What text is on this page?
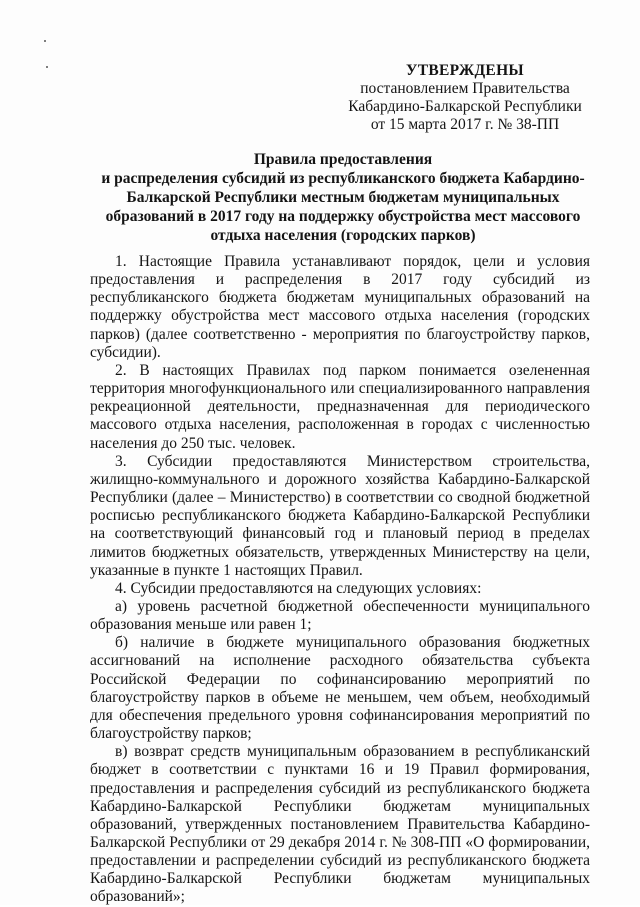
УТВЕРЖДЕНЫ
постановлением Правительства
Кабардино-Балкарской Республики
от 15 марта 2017 г. № 38-ПП
Правила предоставления
и распределения субсидий из республиканского бюджета Кабардино-
Балкарской Республики местным бюджетам муниципальных
образований в 2017 году на поддержку обустройства мест массового
отдыха населения (городских парков)

1. Настоящие Правила устанавливают порядок, цели и условия предоставления и распределения в 2017 году субсидий из республиканского бюджета бюджетам муниципальных образований на поддержку обустройства мест массового отдыха населения (городских парков) (далее соответственно - мероприятия по благоустройству парков, субсидии).

2. В настоящих Правилах под парком понимается озелененная территория многофункционального или специализированного направления рекреационной деятельности, предназначенная для периодического массового отдыха населения, расположенная в городах с численностью населения до 250 тыс. человек.

3. Субсидии предоставляются Министерством строительства, жилищно-коммунального и дорожного хозяйства Кабардино-Балкарской Республики (далее – Министерство) в соответствии со сводной бюджетной росписью республиканского бюджета Кабардино-Балкарской Республики на соответствующий финансовый год и плановый период в пределах лимитов бюджетных обязательств, утвержденных Министерству на цели, указанные в пункте 1 настоящих Правил.

4. Субсидии предоставляются на следующих условиях:

а) уровень расчетной бюджетной обеспеченности муниципального образования меньше или равен 1;

б) наличие в бюджете муниципального образования бюджетных ассигнований на исполнение расходного обязательства субъекта Российской Федерации по софинансированию мероприятий по благоустройству парков в объеме не меньшем, чем объем, необходимый для обеспечения предельного уровня софинансирования мероприятий по благоустройству парков;

в) возврат средств муниципальным образованием в республиканский бюджет в соответствии с пунктами 16 и 19 Правил формирования, предоставления и распределения субсидий из республиканского бюджета Кабардино-Балкарской Республики бюджетам муниципальных образований, утвержденных постановлением Правительства Кабардино-Балкарской Республики от 29 декабря 2014 г. № 308-ПП «О формировании, предоставлении и распределении субсидий из республиканского бюджета Кабардино-Балкарской Республики бюджетам муниципальных образований»;
